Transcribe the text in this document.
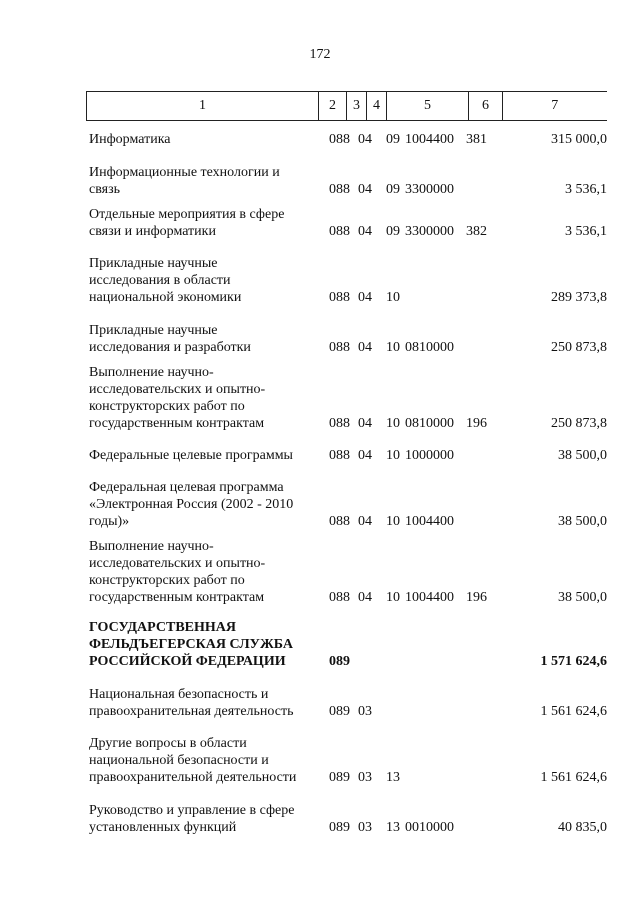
172
1	2	3	4	5	6	7
Информатика	088 04 09 1004400 381	315 000,0
Информационные технологии и
связь	088 04 09 3300000	3 536,1
Отдельные мероприятия в сфере
связи и информатики	088 04 09 3300000 382	3 536,1
Прикладные научные
исследования в области
национальной экономики	088 04 10	289 373,8
Прикладные научные
исследования и разработки	088 04 10 0810000	250 873,8
Выполнение научно-
исследовательских и опытно-
конструкторских работ по
государственным контрактам	088 04 10 0810000 196	250 873,8
Федеральные целевые программы	088 04 10 1000000	38 500,0
Федеральная целевая программа
«Электронная Россия (2002 - 2010
годы)»	088 04 10 1004400	38 500,0
Выполнение научно-
исследовательских и опытно-
конструкторских работ по
государственным контрактам	088 04 10 1004400 196	38 500,0
ГОСУДАРСТВЕННАЯ
ФЕЛЬДЪЕГЕРСКАЯ СЛУЖБА
РОССИЙСКОЙ ФЕДЕРАЦИИ	089	1 571 624,6
Национальная безопасность и
правоохранительная деятельность	089 03	1 561 624,6
Другие вопросы в области
национальной безопасности и
правоохранительной деятельности	089 03 13	1 561 624,6
Руководство и управление в сфере
установленных функций	089 03 13 0010000	40 835,0
